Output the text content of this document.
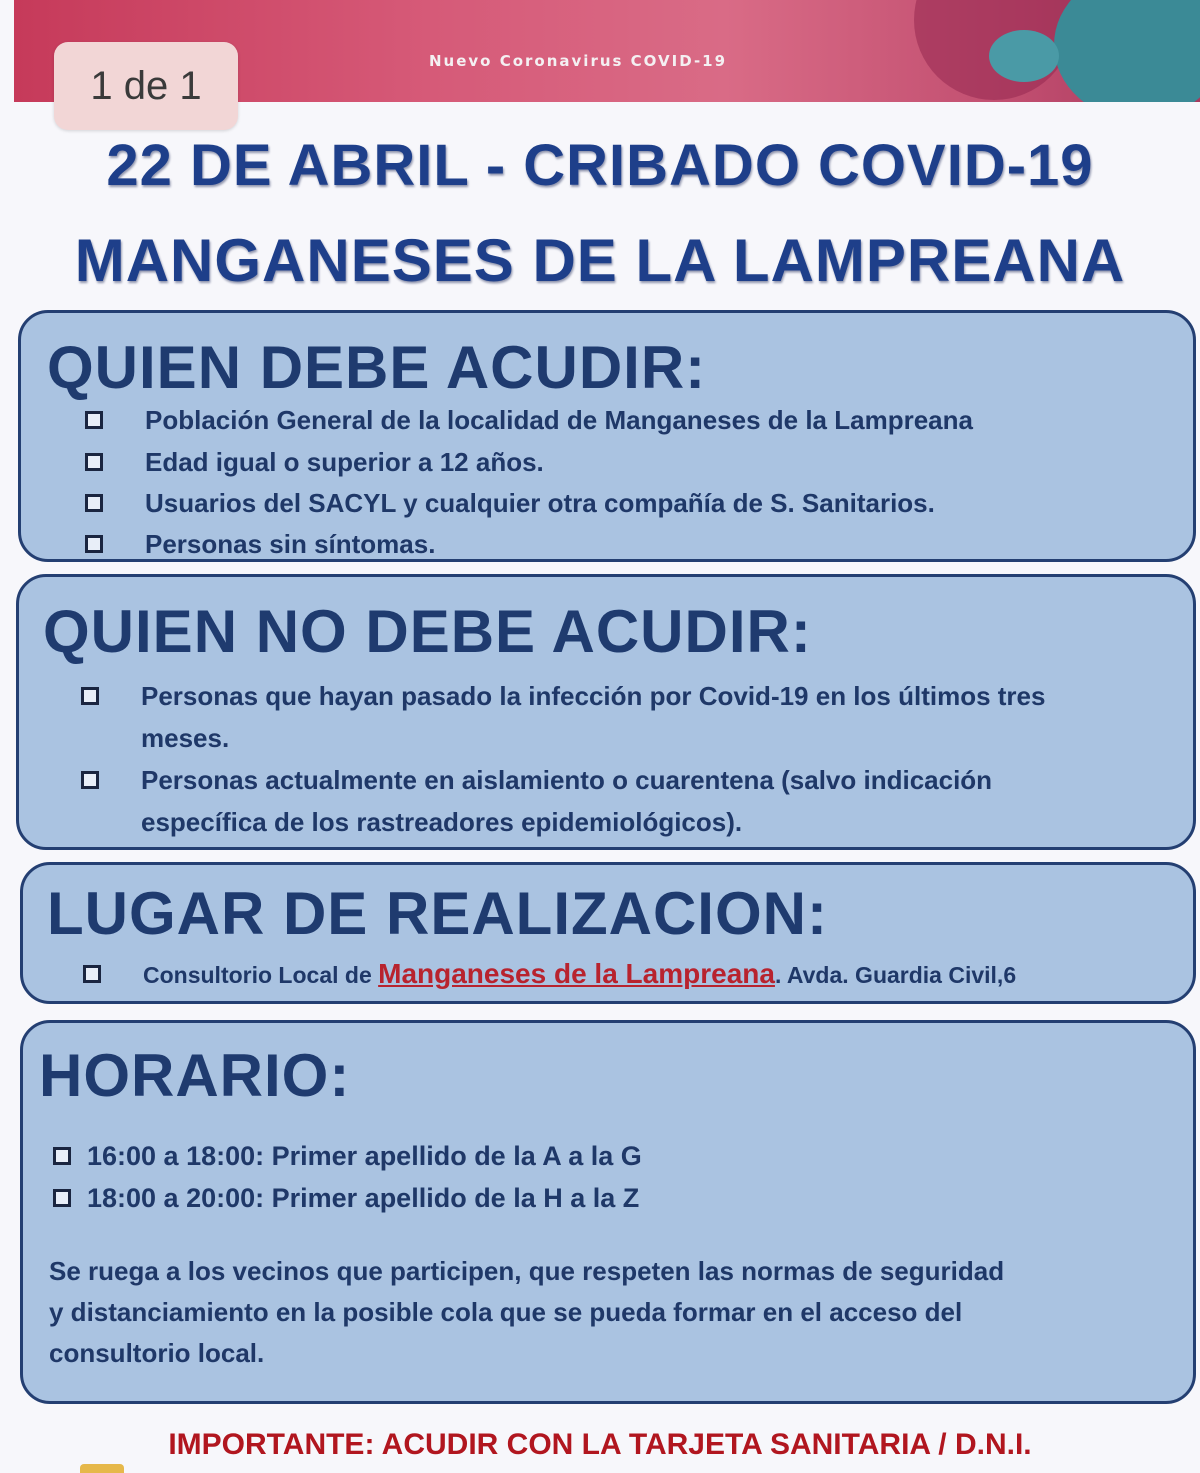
Nuevo Coronavirus COVID-19
1 de 1
22 DE ABRIL - CRIBADO COVID-19
MANGANESES DE LA LAMPREANA
QUIEN DEBE ACUDIR:
Población General de la localidad de Manganeses de la Lampreana
Edad igual o superior a 12 años.
Usuarios del SACYL y cualquier otra compañía de S. Sanitarios.
Personas sin síntomas.
QUIEN NO DEBE ACUDIR:
Personas que hayan pasado la infección por Covid-19 en los últimos tres
meses.
Personas actualmente en aislamiento o cuarentena (salvo indicación
específica de los rastreadores epidemiológicos).
LUGAR DE REALIZACION:
Consultorio Local de Manganeses de la Lampreana. Avda. Guardia Civil,6
HORARIO:
16:00 a 18:00: Primer apellido de la A a la G
18:00 a 20:00: Primer apellido de la H a la Z
Se ruega a los vecinos que participen, que respeten las normas de seguridad
y distanciamiento en la posible cola que se pueda formar en el acceso del
consultorio local.
IMPORTANTE: ACUDIR CON LA TARJETA SANITARIA / D.N.I.
